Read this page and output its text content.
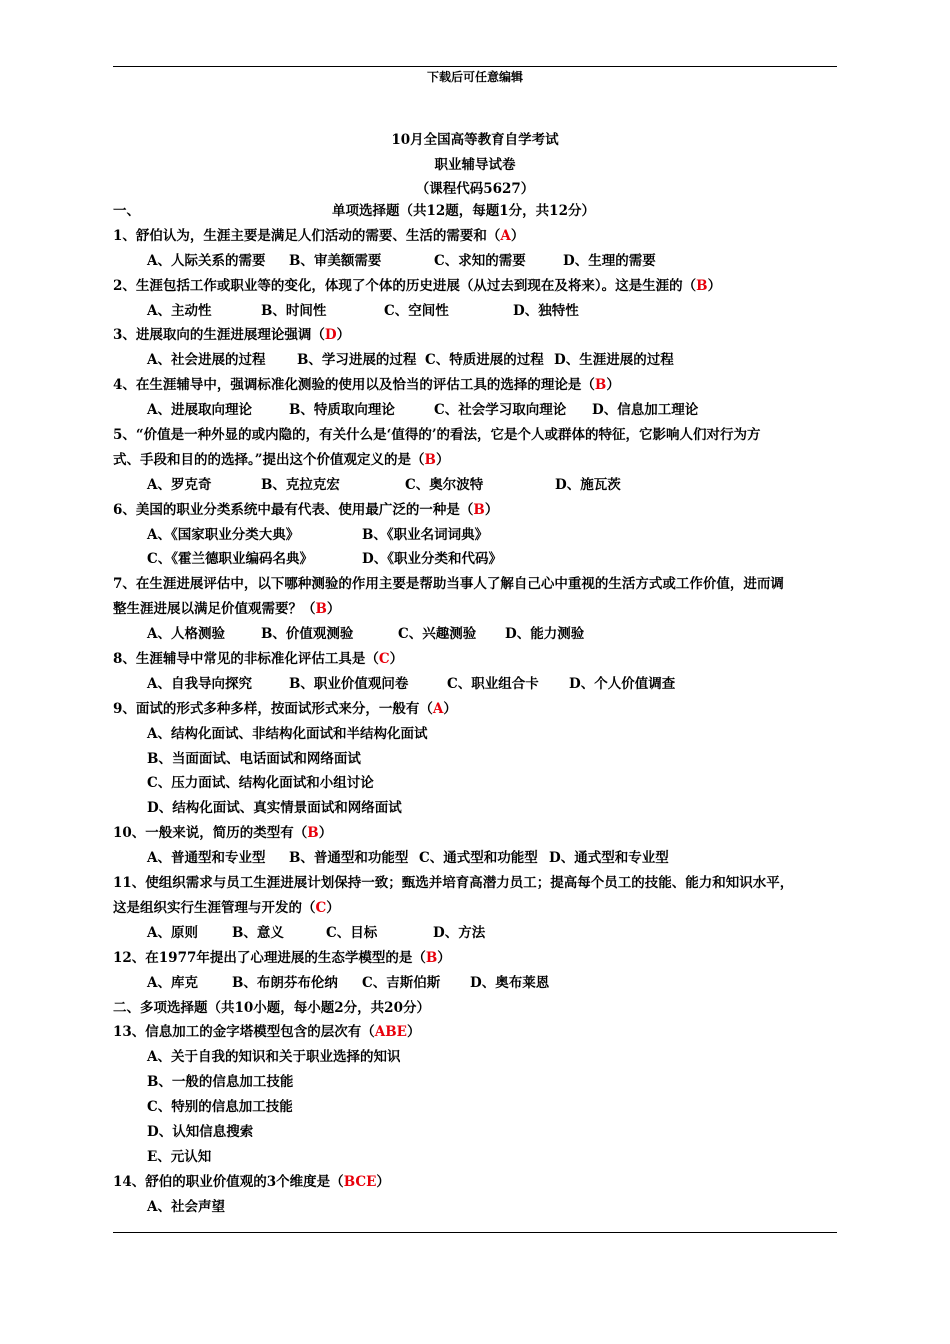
下载后可任意编辑
10月全国高等教育自学考试
职业辅导试卷
（课程代码5627）
一、	单项选择题（共12题，每题1分，共12分）
1、舒伯认为，生涯主要是满足人们活动的需要、生活的需要和（A）
A、人际关系的需要 B、审美额需要	C、求知的需要	D、生理的需要
2、生涯包括工作或职业等的变化，体现了个体的历史进展（从过去到现在及将来）。这是生涯的（B）
A、主动性	B、时间性	C、空间性	D、独特性
3、进展取向的生涯进展理论强调（D）
A、社会进展的过程 B、学习进展的过程 C、特质进展的过程 D、生涯进展的过程
4、在生涯辅导中，强调标准化测验的使用以及恰当的评估工具的选择的理论是（B）
A、进展取向理论	B、特质取向理论	C、社会学习取向理论 D、信息加工理论
5、“价值是一种外显的或内隐的，有关什么是‘值得的’的看法，它是个人或群体的特征，它影响人们对行为方
式、手段和目的的选择。”提出这个价值观定义的是（B）
A、罗克奇	B、克拉克宏	C、奥尔波特	D、施瓦茨
6、美国的职业分类系统中最有代表、使用最广泛的一种是（B）
A、《国家职业分类大典》	B、《职业名词词典》
C、《霍兰德职业编码名典》	D、《职业分类和代码》
7、在生涯进展评估中，以下哪种测验的作用主要是帮助当事人了解自己心中重视的生活方式或工作价值，进而调
整生涯进展以满足价值观需要？（B）
A、人格测验	B、价值观测验	C、兴趣测验 D、能力测验
8、生涯辅导中常见的非标准化评估工具是（C）
A、自我导向探究	B、职业价值观问卷	C、职业组合卡 D、个人价值调查
9、面试的形式多种多样，按面试形式来分，一般有（A）
A、结构化面试、非结构化面试和半结构化面试
B、当面面试、电话面试和网络面试
C、压力面试、结构化面试和小组讨论
D、结构化面试、真实情景面试和网络面试
10、一般来说，简历的类型有（B）
A、普通型和专业型 B、普通型和功能型 C、通式型和功能型 D、通式型和专业型
11、使组织需求与员工生涯进展计划保持一致；甄选并培育高潜力员工；提高每个员工的技能、能力和知识水平，
这是组织实行生涯管理与开发的（C）
A、原则	B、意义	C、目标	D、方法
12、在1977年提出了心理进展的生态学模型的是（B）
A、库克	B、布朗芬布伦纳 C、吉斯伯斯 D、奥布莱恩
二、多项选择题（共10小题，每小题2分，共20分）
13、信息加工的金字塔模型包含的层次有（ABE）
A、关于自我的知识和关于职业选择的知识
B、一般的信息加工技能
C、特别的信息加工技能
D、认知信息搜索
E、元认知
14、舒伯的职业价值观的3个维度是（BCE）
A、社会声望
